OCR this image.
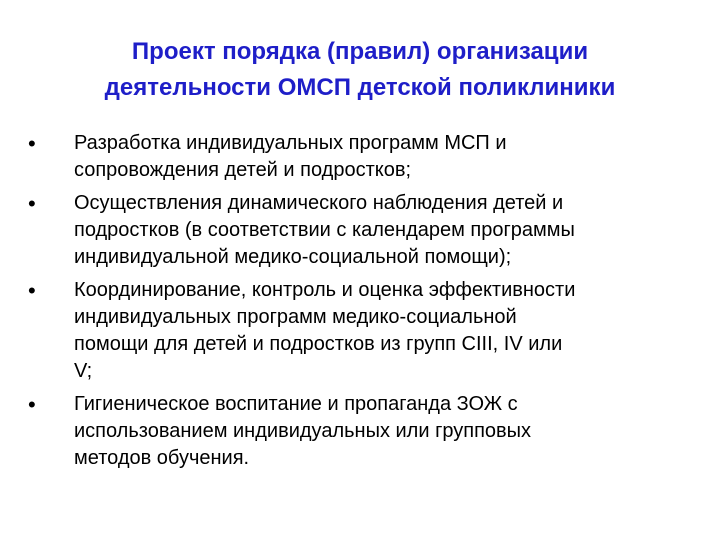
Проект порядка (правил) организации
деятельности ОМСП детской поликлиники
•	Разработка индивидуальных программ МСП и
сопровождения детей и подростков;
•	Осуществления динамического наблюдения детей и
подростков (в соответствии с календарем программы
индивидуальной медико-социальной помощи);
•	Координирование, контроль и оценка эффективности
индивидуальных программ медико-социальной
помощи для детей и подростков из групп CIII, IV или
V;
•	Гигиеническое воспитание и пропаганда ЗОЖ с
использованием индивидуальных или групповых
методов обучения.
